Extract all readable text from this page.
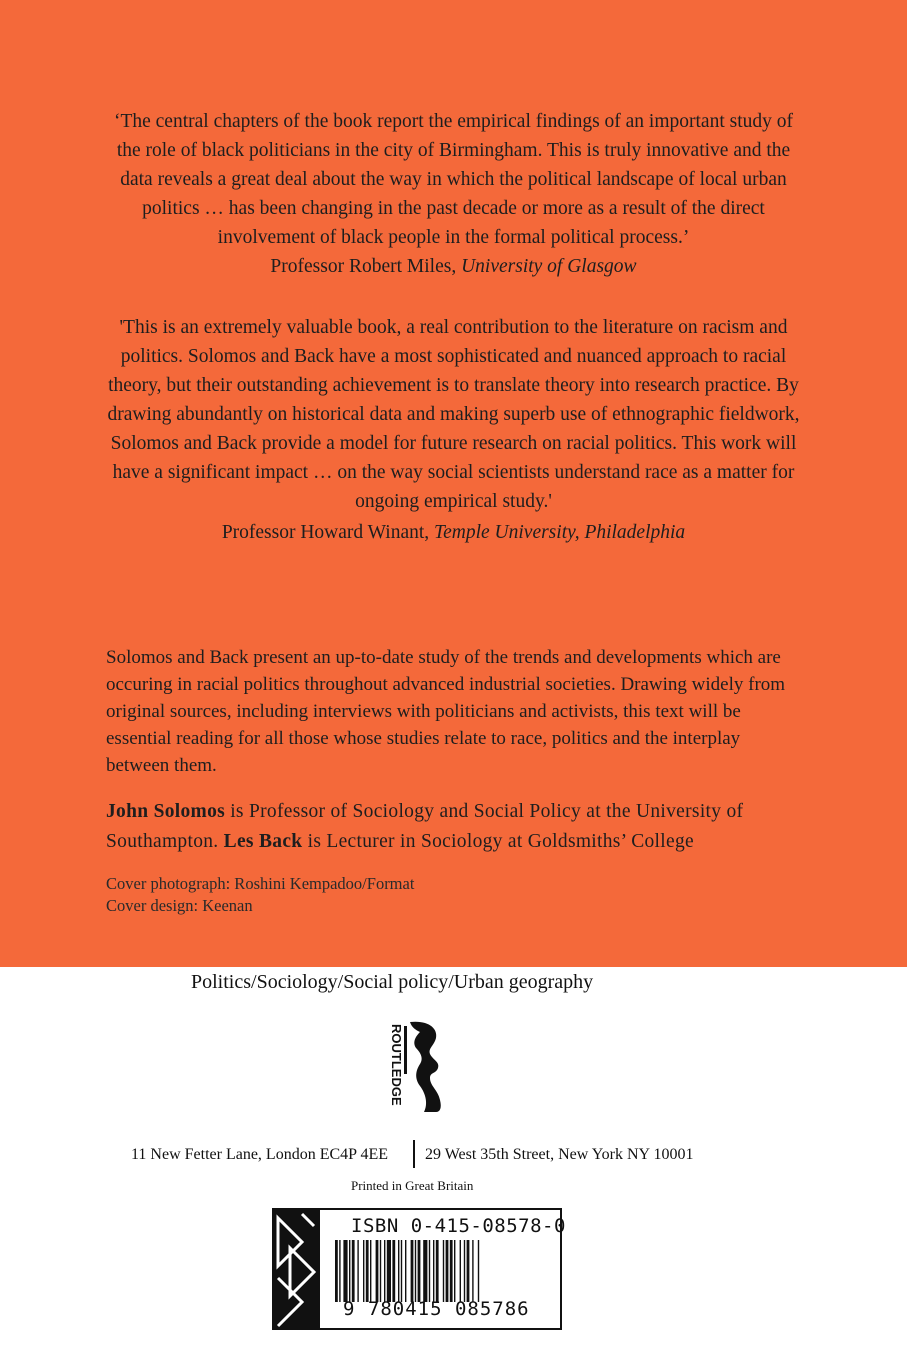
‘The central chapters of the book report the empirical findings of an important study of the role of black politicians in the city of Birmingham. This is truly innovative and the data reveals a great deal about the way in which the political landscape of local urban politics … has been changing in the past decade or more as a result of the direct involvement of black people in the formal political process.’

Professor Robert Miles, University of Glasgow

'This is an extremely valuable book, a real contribution to the literature on racism and politics. Solomos and Back have a most sophisticated and nuanced approach to racial theory, but their outstanding achievement is to translate theory into research practice. By drawing abundantly on historical data and making superb use of ethnographic fieldwork, Solomos and Back provide a model for future research on racial politics. This work will have a significant impact … on the way social scientists understand race as a matter for ongoing empirical study.'

Professor Howard Winant, Temple University, Philadelphia

Solomos and Back present an up-to-date study of the trends and developments which are occuring in racial politics throughout advanced industrial societies. Drawing widely from original sources, including interviews with politicians and activists, this text will be essential reading for all those whose studies relate to race, politics and the interplay between them.
John Solomos is Professor of Sociology and Social Policy at the University of Southampton. Les Back is Lecturer in Sociology at Goldsmiths’ College
Cover photograph: Roshini Kempadoo/Format
Cover design: Keenan
Politics/Sociology/Social policy/Urban geography
ROUTLEDGE
11 New Fetter Lane, London EC4P 4EE 29 West 35th Street, New York NY 10001
Printed in Great Britain
ISBN 0-415-08578-0
9 780415 085786
